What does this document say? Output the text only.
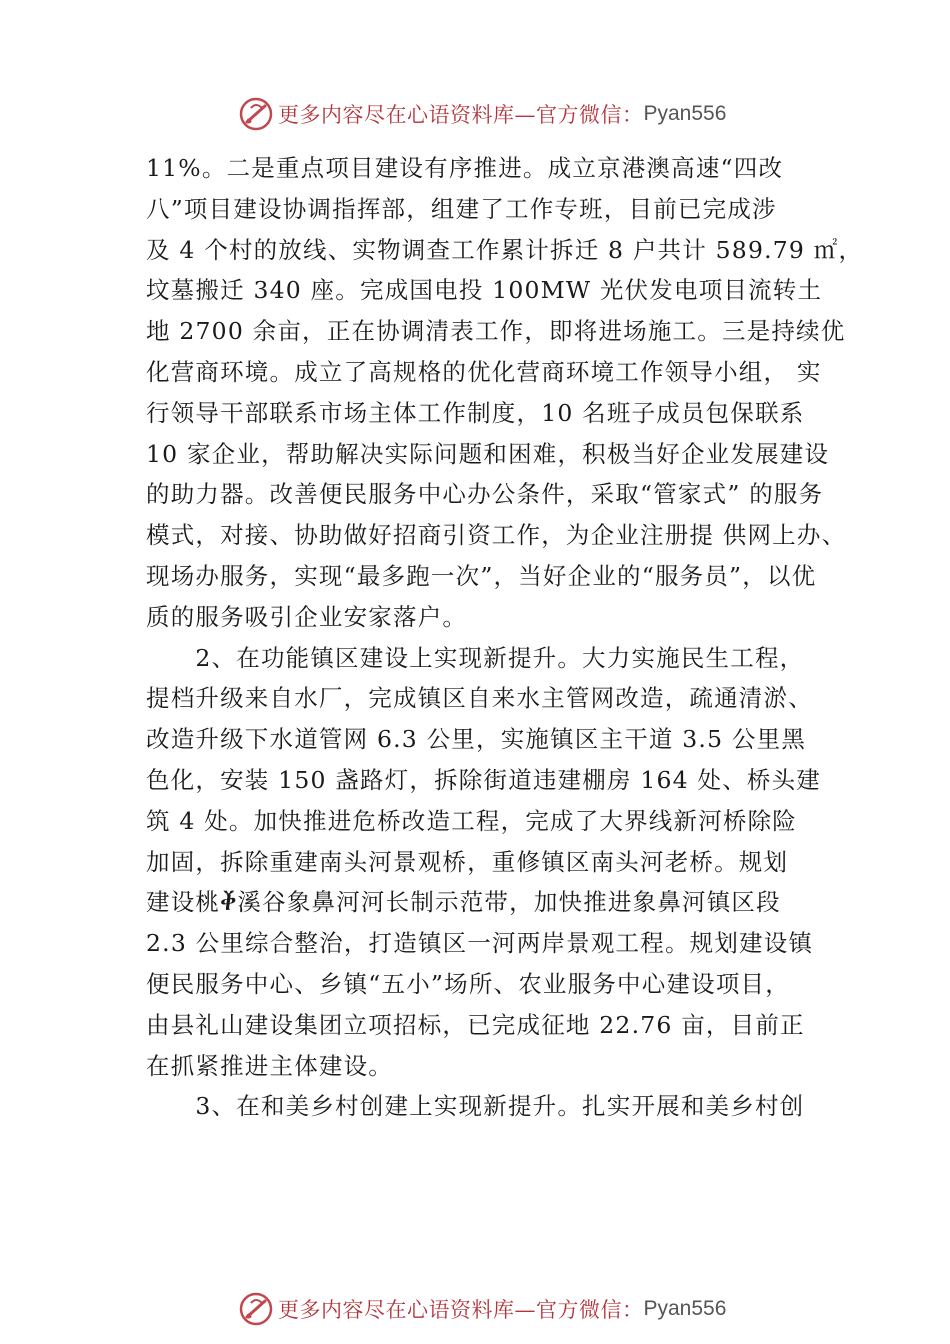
更多内容尽在心语资料库—官方微信： Pyan556
11%。二是重点项目建设有序推进。成立京港澳高速“四改
八”项目建设协调指挥部，组建了工作专班，目前已完成涉
及 4 个村的放线、实物调查工作累计拆迁 8 户共计 589.79 ㎡，
坟墓搬迁 340 座。完成国电投 100MW 光伏发电项目流转土
地 2700 余亩，正在协调清表工作，即将进场施工。三是持续优
化营商环境。成立了高规格的优化营商环境工作领导小组， 实
行领导干部联系市场主体工作制度，10 名班子成员包保联系
10 家企业，帮助解决实际问题和困难，积极当好企业发展建设
的助力器。改善便民服务中心办公条件，采取“管家式” 的服务
模式，对接、协助做好招商引资工作，为企业注册提 供网上办、
现场办服务，实现“最多跑一次”，当好企业的“服务员”，以优
质的服务吸引企业安家落户。
　　2、在功能镇区建设上实现新提升。大力实施民生工程，
提档升级来自水厂，完成镇区自来水主管网改造，疏通清淤、
改造升级下水道管网 6.3 公里，实施镇区主干道 3.5 公里黑
色化，安装 150 盏路灯，拆除街道违建棚房 164 处、桥头建
筑 4 处。加快推进危桥改造工程，完成了大界线新河桥除险
加固，拆除重建南头河景观桥，重修镇区南头河老桥。规划
建设桃ⷀ溪谷象鼻河河长制示范带，加快推进象鼻河镇区段
2.3 公里综合整治，打造镇区一河两岸景观工程。规划建设镇
便民服务中心、乡镇“五小”场所、农业服务中心建设项目，
由县礼山建设集团立项招标，已完成征地 22.76 亩，目前正
在抓紧推进主体建设。
　　3、在和美乡村创建上实现新提升。扎实开展和美乡村创
更多内容尽在心语资料库—官方微信： Pyan556
